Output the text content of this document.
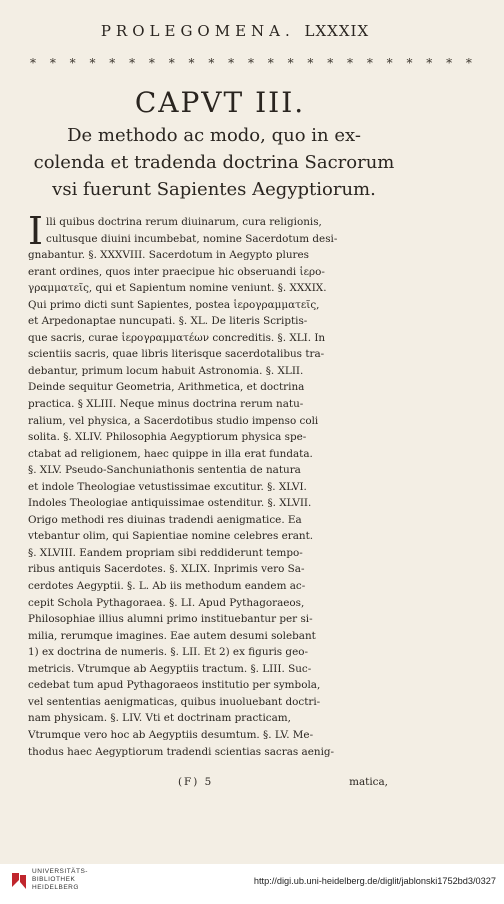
PROLEGOMENA. LXXXIX
* * * * * * * * * * * * * * * * * * * * * * *
CAPVT III.
De methodo ac modo, quo in ex-
colenda et tradenda doctrina Sacrorum
vsi fuerunt Sapientes Aegyptiorum.
I lli quibus doctrina rerum diuinarum, cura religionis,
cultusque diuini incumbebat, nomine Sacerdotum desi-
gnabantur. §. XXXVIII. Sacerdotum in Aegypto plures
erant ordines, quos inter praecipue hic obseruandi ἱερο-
γραμματεῖς, qui et Sapientum nomine veniunt. §. XXXIX.
Qui primo dicti sunt Sapientes, postea ἱερογραμματεῖς,
et Arpedonaptae nuncupati. §. XL. De literis Scriptis-
que sacris, curae ἱερογραμματέων concreditis. §. XLI. In
scientiis sacris, quae libris literisque sacerdotalibus tra-
debantur, primum locum habuit Astronomia. §. XLII.
Deinde sequitur Geometria, Arithmetica, et doctrina
practica. § XLIII. Neque minus doctrina rerum natu-
ralium, vel physica, a Sacerdotibus studio impenso coli
solita. §. XLIV. Philosophia Aegyptiorum physica spe-
ctabat ad religionem, haec quippe in illa erat fundata.
§. XLV. Pseudo-Sanchuniathonis sententia de natura
et indole Theologiae vetustissimae excutitur. §. XLVI.
Indoles Theologiae antiquissimae ostenditur. §. XLVII.
Origo methodi res diuinas tradendi aenigmatice. Ea
vtebantur olim, qui Sapientiae nomine celebres erant.
§. XLVIII. Eandem propriam sibi reddiderunt tempo-
ribus antiquis Sacerdotes. §. XLIX. Inprimis vero Sa-
cerdotes Aegyptii. §. L. Ab iis methodum eandem ac-
cepit Schola Pythagoraea. §. LI. Apud Pythagoraeos,
Philosophiae illius alumni primo instituebantur per si-
milia, rerumque imagines. Eae autem desumi solebant
1) ex doctrina de numeris. §. LII. Et 2) ex figuris geo-
metricis. Vtrumque ab Aegyptiis tractum. §. LIII. Suc-
cedebat tum apud Pythagoraeos institutio per symbola,
vel sententias aenigmaticas, quibus inuoluebant doctri-
nam physicam. §. LIV. Vti et doctrinam practicam,
Vtrumque vero hoc ab Aegyptiis desumtum. §. LV. Me-
thodus haec Aegyptiorum tradendi scientias sacras aenig-
(F) 5	matica,
UNIVERSITÄTS-
BIBLIOTHEK
HEIDELBERG
http://digi.ub.uni-heidelberg.de/diglit/jablonski1752bd3/0327
